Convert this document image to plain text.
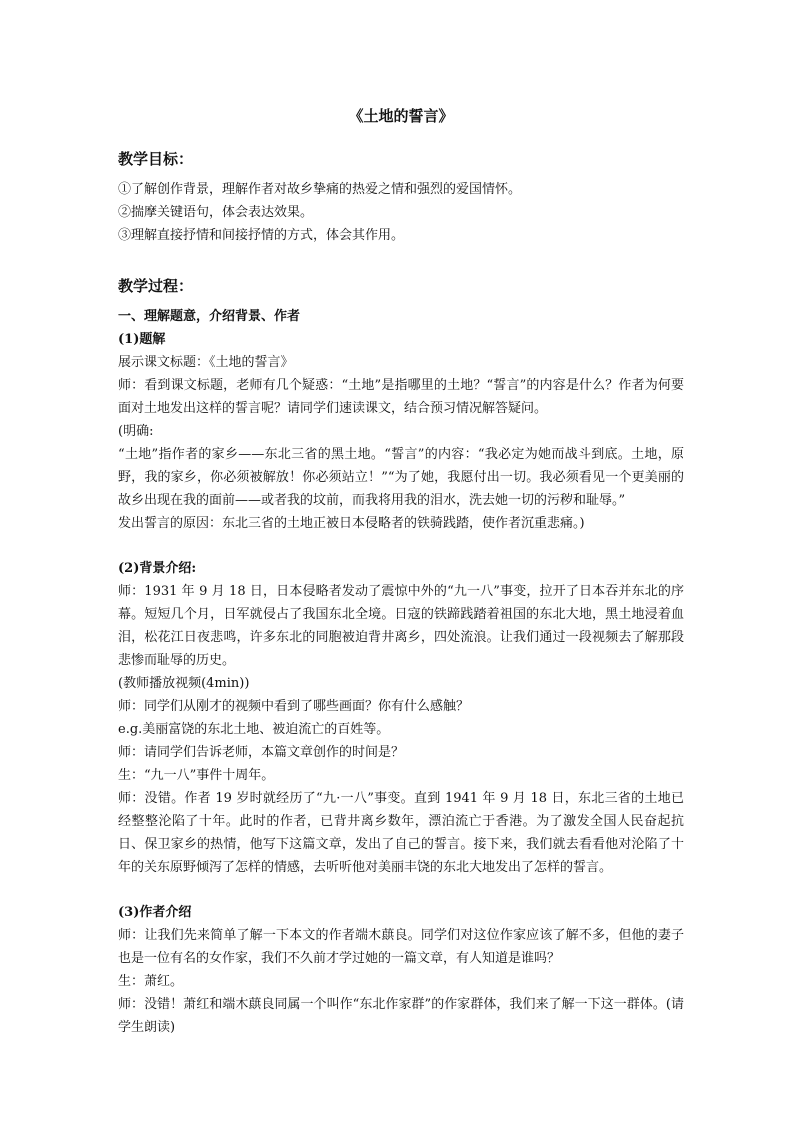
《土地的誓言》
教学目标：

①了解创作背景，理解作者对故乡挚痛的热爱之情和强烈的爱国情怀。

②揣摩关键语句，体会表达效果。

③理解直接抒情和间接抒情的方式，体会其作用。

教学过程：

一、理解题意，介绍背景、作者

(1)题解

展示课文标题：《土地的誓言》

师：看到课文标题，老师有几个疑惑：“土地”是指哪里的土地？“誓言”的内容是什么？作者为何要面对土地发出这样的誓言呢？请同学们速读课文，结合预习情况解答疑问。

(明确:

“土地”指作者的家乡——东北三省的黑土地。“誓言”的内容：“我必定为她而战斗到底。土地，原野，我的家乡，你必须被解放！你必须站立！”“为了她，我愿付出一切。我必须看见一个更美丽的故乡出现在我的面前——或者我的坟前，而我将用我的泪水，洗去她一切的污秽和耻辱。”

发出誓言的原因：东北三省的土地正被日本侵略者的铁骑践踏，使作者沉重悲痛。)

(2)背景介绍:

师：1931 年 9 月 18 日，日本侵略者发动了震惊中外的“九一八”事变，拉开了日本吞并东北的序幕。短短几个月，日军就侵占了我国东北全境。日寇的铁蹄践踏着祖国的东北大地，黑土地浸着血泪，松花江日夜悲鸣，许多东北的同胞被迫背井离乡，四处流浪。让我们通过一段视频去了解那段悲惨而耻辱的历史。

(教师播放视频(4min))

师：同学们从刚才的视频中看到了哪些画面？你有什么感触？

e.g.美丽富饶的东北土地、被迫流亡的百姓等。

师：请同学们告诉老师，本篇文章创作的时间是？

生：“九一八”事件十周年。

师：没错。作者 19 岁时就经历了“九·一八”事变。直到 1941 年 9 月 18 日，东北三省的土地已经整整沦陷了十年。此时的作者，已背井离乡数年，漂泊流亡于香港。为了激发全国人民奋起抗日、保卫家乡的热情，他写下这篇文章，发出了自己的誓言。接下来，我们就去看看他对沦陷了十年的关东原野倾泻了怎样的情感，去听听他对美丽丰饶的东北大地发出了怎样的誓言。

(3)作者介绍

师：让我们先来简单了解一下本文的作者端木蕻良。同学们对这位作家应该了解不多，但他的妻子也是一位有名的女作家，我们不久前才学过她的一篇文章，有人知道是谁吗？

生：萧红。

师：没错！萧红和端木蕻良同属一个叫作“东北作家群”的作家群体，我们来了解一下这一群体。(请学生朗读)
